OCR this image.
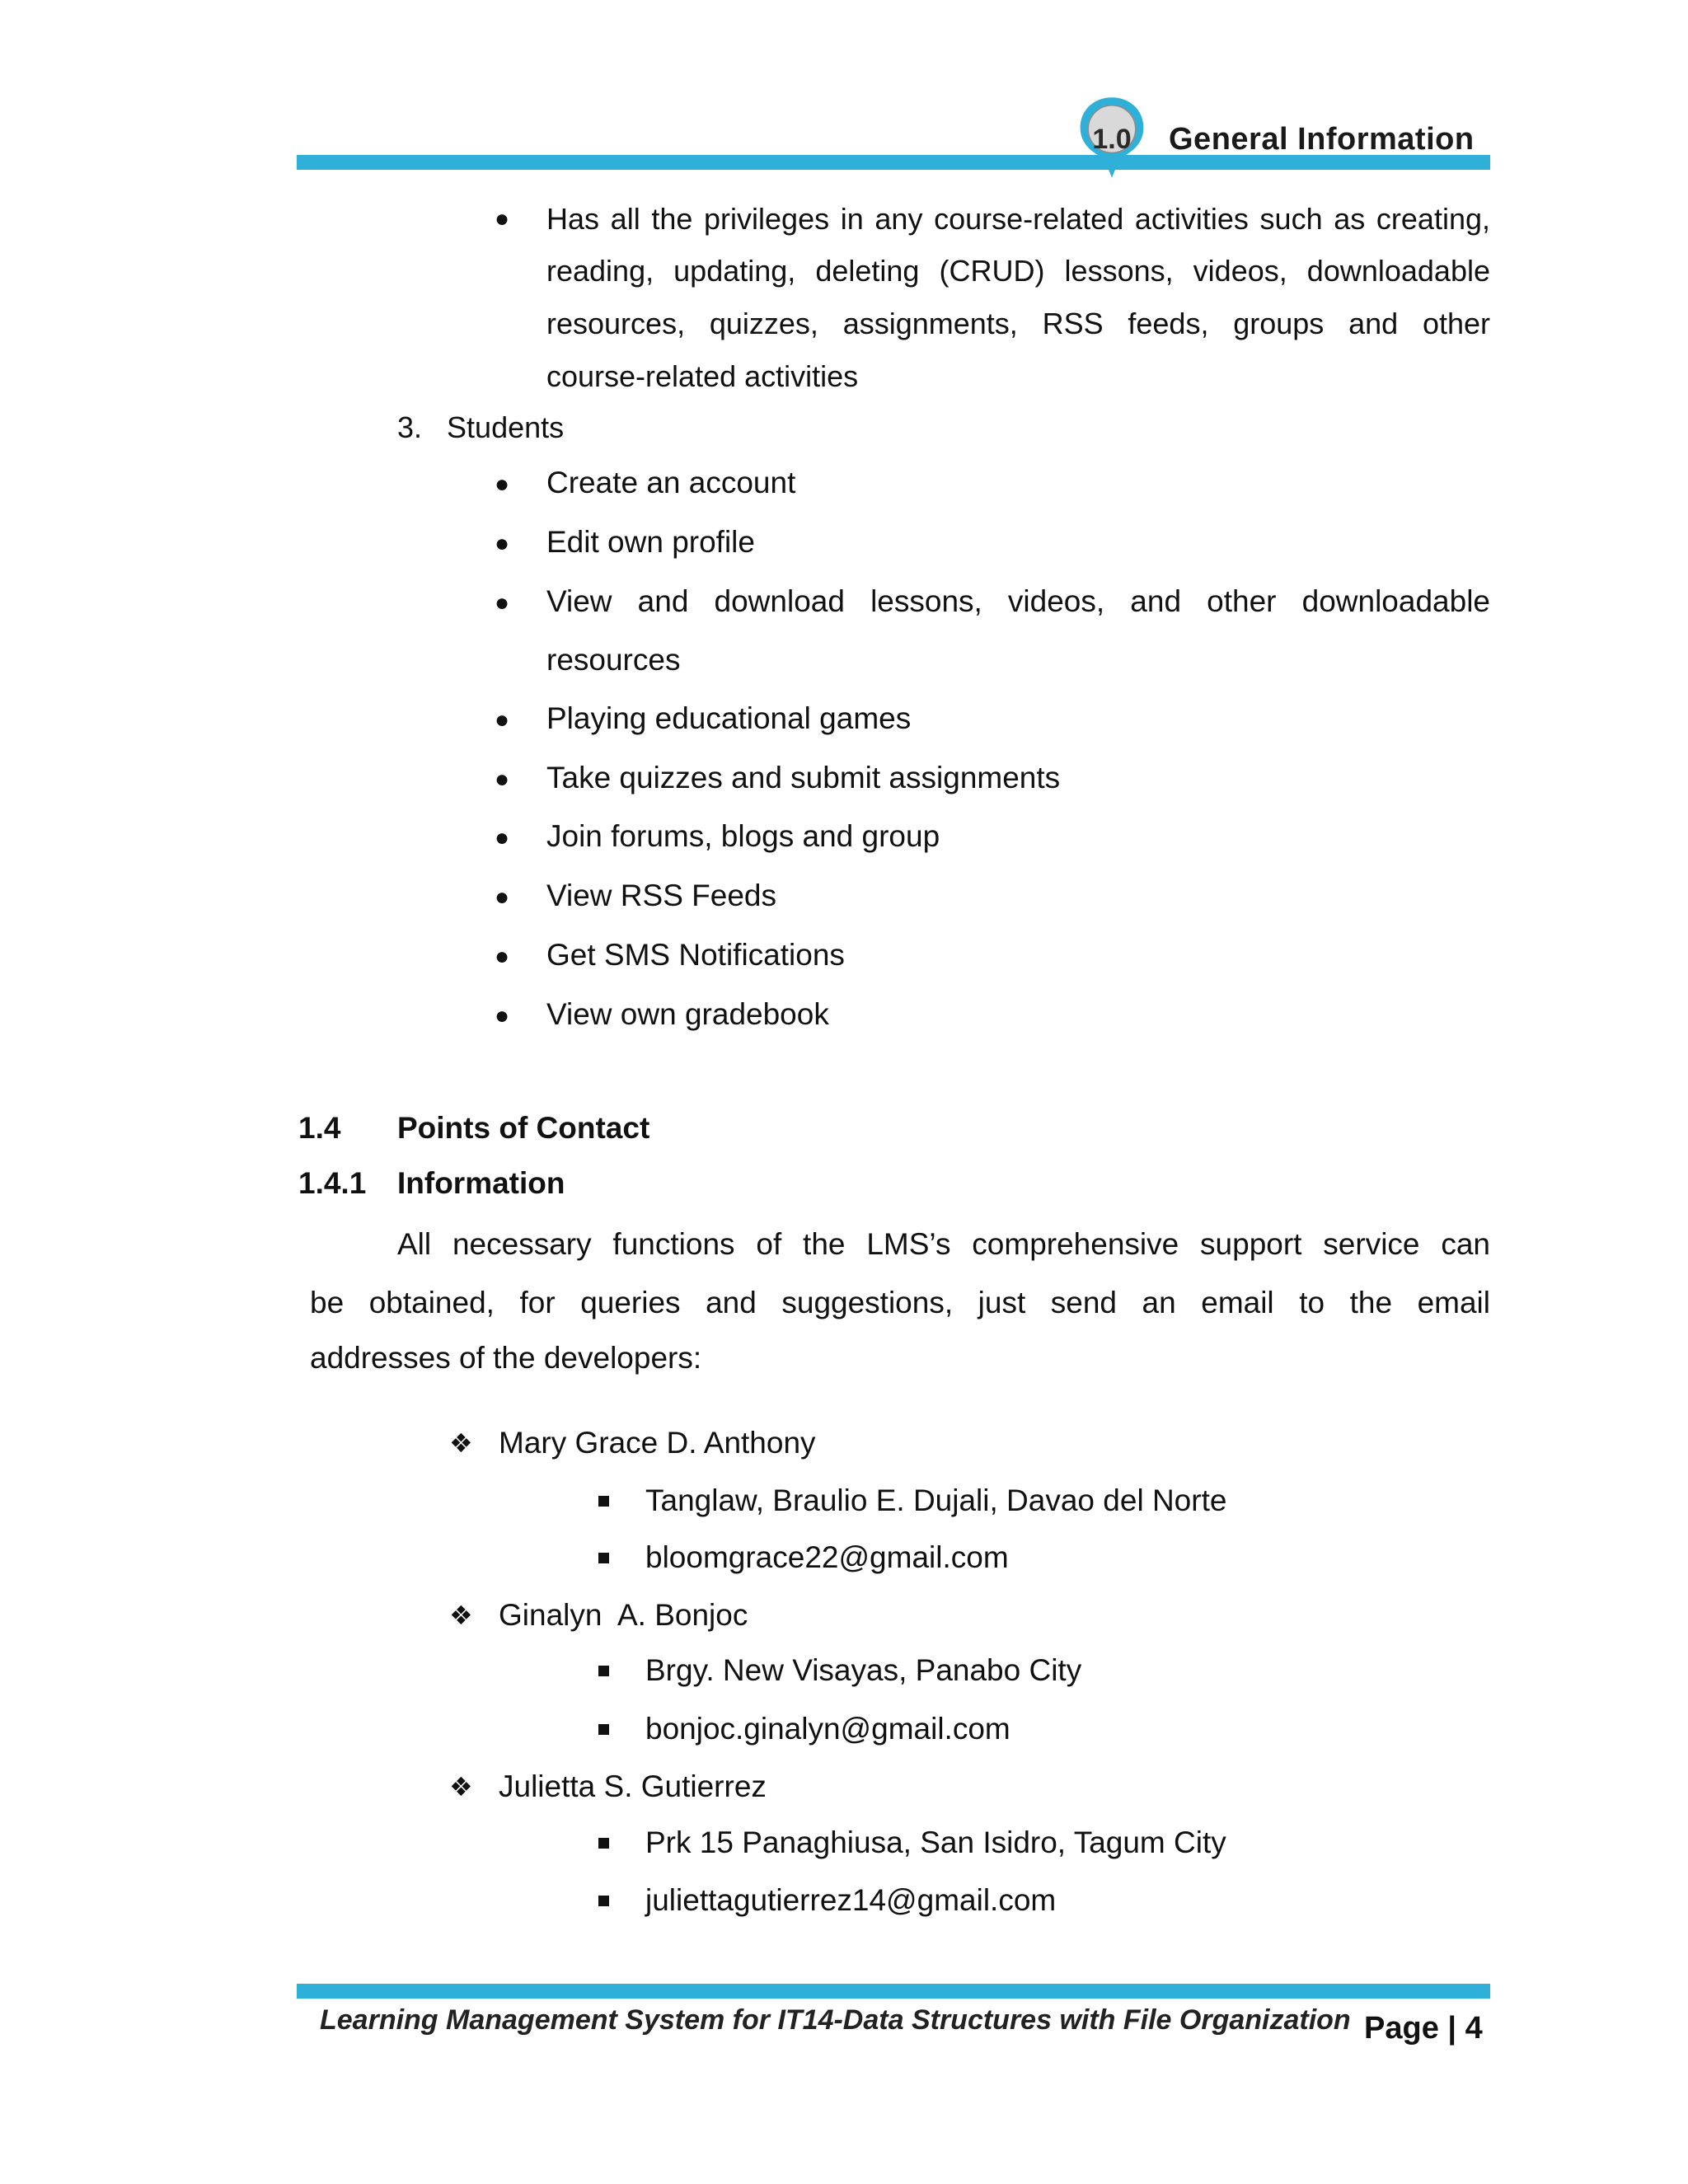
1.0	General Information
● Has all the privileges in any course-related activities such as creating,
reading, updating, deleting (CRUD) lessons, videos, downloadable
resources, quizzes, assignments, RSS feeds, groups and other
course-related activities
3.   Students
● Create an account
● Edit own profile
● View and download lessons, videos, and other downloadable
resources
● Playing educational games
● Take quizzes and submit assignments
● Join forums, blogs and group
● View RSS Feeds
● Get SMS Notifications
● View own gradebook
1.4 Points of Contact
1.4.1 Information
All necessary functions of the LMS’s comprehensive support service can
be obtained, for queries and suggestions, just send an email to the email
addresses of the developers:
❖ Mary Grace D. Anthony
Tanglaw, Braulio E. Dujali, Davao del Norte
bloomgrace22@gmail.com
❖ Ginalyn  A. Bonjoc
Brgy. New Visayas, Panabo City
bonjoc.ginalyn@gmail.com
❖ Julietta S. Gutierrez
Prk 15 Panaghiusa, San Isidro, Tagum City
juliettagutierrez14@gmail.com
Learning Management System for IT14-Data Structures with File Organization Page | 4
